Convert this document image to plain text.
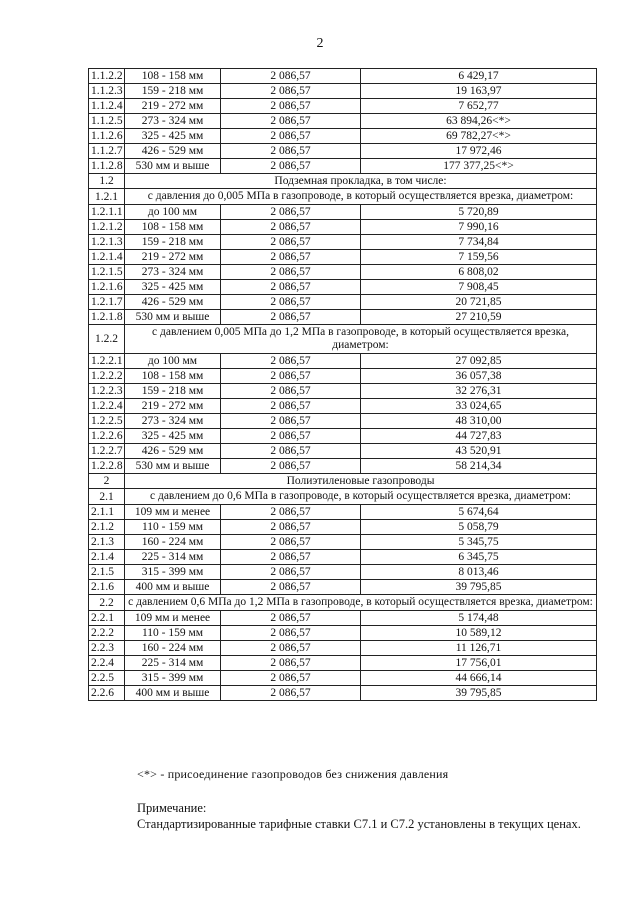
2
1.1.2.2	108 - 158 мм	2 086,57	6 429,17
1.1.2.3	159 - 218 мм	2 086,57	19 163,97
1.1.2.4	219 - 272 мм	2 086,57	7 652,77
1.1.2.5	273 - 324 мм	2 086,57	63 894,26<*>
1.1.2.6	325 - 425 мм	2 086,57	69 782,27<*>
1.1.2.7	426 - 529 мм	2 086,57	17 972,46
1.1.2.8	530 мм и выше	2 086,57	177 377,25<*>
1.2	Подземная прокладка, в том числе:		
1.2.1	с давления до 0,005 МПа в газопроводе, в который осуществляется врезка, диаметром:		
1.2.1.1	до 100 мм	2 086,57	5 720,89
1.2.1.2	108 - 158 мм	2 086,57	7 990,16
1.2.1.3	159 - 218 мм	2 086,57	7 734,84
1.2.1.4	219 - 272 мм	2 086,57	7 159,56
1.2.1.5	273 - 324 мм	2 086,57	6 808,02
1.2.1.6	325 - 425 мм	2 086,57	7 908,45
1.2.1.7	426 - 529 мм	2 086,57	20 721,85
1.2.1.8	530 мм и выше	2 086,57	27 210,59
1.2.2	с давлением 0,005 МПа до 1,2 МПа в газопроводе, в который осуществляется врезка, диаметром:		
1.2.2.1	до 100 мм	2 086,57	27 092,85
1.2.2.2	108 - 158 мм	2 086,57	36 057,38
1.2.2.3	159 - 218 мм	2 086,57	32 276,31
1.2.2.4	219 - 272 мм	2 086,57	33 024,65
1.2.2.5	273 - 324 мм	2 086,57	48 310,00
1.2.2.6	325 - 425 мм	2 086,57	44 727,83
1.2.2.7	426 - 529 мм	2 086,57	43 520,91
1.2.2.8	530 мм и выше	2 086,57	58 214,34
2	Полиэтиленовые газопроводы		
2.1	с давлением до 0,6 МПа в газопроводе, в который осуществляется врезка, диаметром:		
2.1.1	109 мм и менее	2 086,57	5 674,64
2.1.2	110 - 159 мм	2 086,57	5 058,79
2.1.3	160 - 224 мм	2 086,57	5 345,75
2.1.4	225 - 314 мм	2 086,57	6 345,75
2.1.5	315 - 399 мм	2 086,57	8 013,46
2.1.6	400 мм и выше	2 086,57	39 795,85
2.2	с давлением 0,6 МПа до 1,2 МПа в газопроводе, в который осуществляется врезка, диаметром:		
2.2.1	109 мм и менее	2 086,57	5 174,48
2.2.2	110 - 159 мм	2 086,57	10 589,12
2.2.3	160 - 224 мм	2 086,57	11 126,71
2.2.4	225 - 314 мм	2 086,57	17 756,01
2.2.5	315 - 399 мм	2 086,57	44 666,14
2.2.6	400 мм и выше	2 086,57	39 795,85
<*> - присоединение газопроводов без снижения давления
Примечание:
Стандартизированные тарифные ставки С7.1 и С7.2 установлены в текущих ценах.
